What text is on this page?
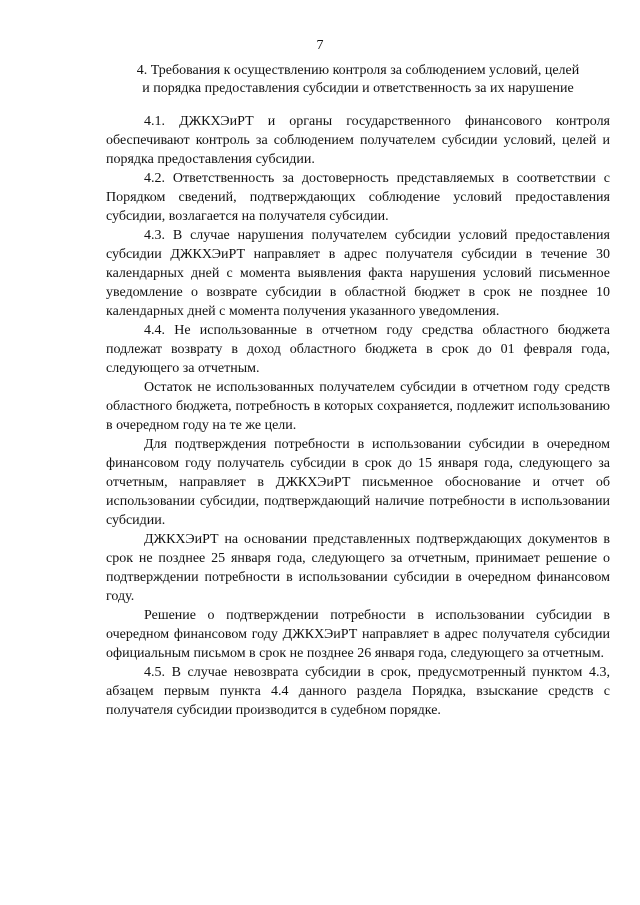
7
4. Требования к осуществлению контроля за соблюдением условий, целей
и порядка предоставления субсидии и ответственность за их нарушение

4.1. ДЖКХЭиРТ и органы государственного финансового контроля обеспечивают контроль за соблюдением получателем субсидии условий, целей и порядка предоставления субсидии.

4.2. Ответственность за достоверность представляемых в соответствии с Порядком сведений, подтверждающих соблюдение условий предоставления субсидии, возлагается на получателя субсидии.

4.3. В случае нарушения получателем субсидии условий предоставления субсидии ДЖКХЭиРТ направляет в адрес получателя субсидии в течение 30 календарных дней с момента выявления факта нарушения условий письменное уведомление о возврате субсидии в областной бюджет в срок не позднее 10 календарных дней с момента получения указанного уведомления.

4.4. Не использованные в отчетном году средства областного бюджета подлежат возврату в доход областного бюджета в срок до 01 февраля года, следующего за отчетным.

Остаток не использованных получателем субсидии в отчетном году средств областного бюджета, потребность в которых сохраняется, подлежит использованию в очередном году на те же цели.

Для подтверждения потребности в использовании субсидии в очередном финансовом году получатель субсидии в срок до 15 января года, следующего за отчетным, направляет в ДЖКХЭиРТ письменное обоснование и отчет об использовании субсидии, подтверждающий наличие потребности в использовании субсидии.

ДЖКХЭиРТ на основании представленных подтверждающих документов в срок не позднее 25 января года, следующего за отчетным, принимает решение о подтверждении потребности в использовании субсидии в очередном финансовом году.

Решение о подтверждении потребности в использовании субсидии в очередном финансовом году ДЖКХЭиРТ направляет в адрес получателя субсидии официальным письмом в срок не позднее 26 января года, следующего за отчетным.

4.5. В случае невозврата субсидии в срок, предусмотренный пунктом 4.3, абзацем первым пункта 4.4 данного раздела Порядка, взыскание средств с получателя субсидии производится в судебном порядке.
